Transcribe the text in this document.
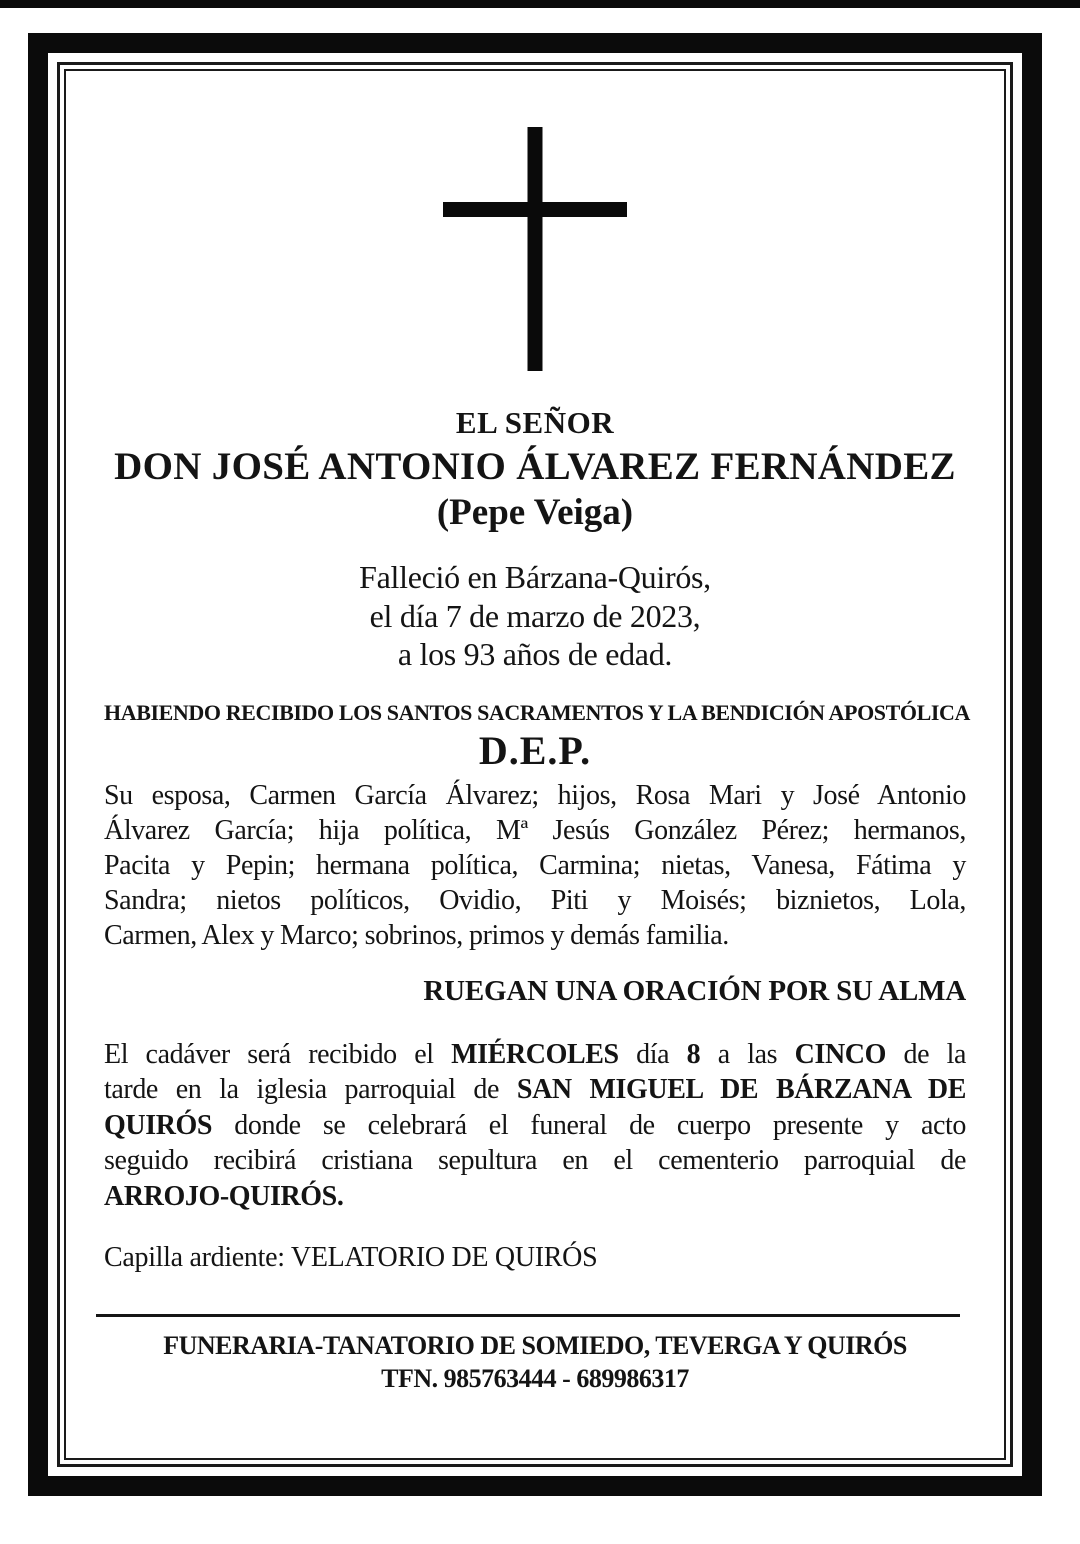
EL SEÑOR
DON JOSÉ ANTONIO ÁLVAREZ FERNÁNDEZ
(Pepe Veiga)
Falleció en Bárzana-Quirós,
el día 7 de marzo de 2023,
a los 93 años de edad.
HABIENDO RECIBIDO LOS SANTOS SACRAMENTOS Y LA BENDICIÓN APOSTÓLICA
D.E.P.
Su esposa, Carmen García Álvarez; hijos, Rosa Mari y José Antonio
Álvarez García; hija política, Mª Jesús González Pérez; hermanos,
Pacita y Pepin; hermana política, Carmina; nietas, Vanesa, Fátima y
Sandra; nietos políticos, Ovidio, Piti y Moisés; biznietos, Lola,
Carmen, Alex y Marco; sobrinos, primos y demás familia.
RUEGAN UNA ORACIÓN POR SU ALMA
El cadáver será recibido el MIÉRCOLES día 8 a las CINCO de la
tarde en la iglesia parroquial de SAN MIGUEL DE BÁRZANA DE
QUIRÓS donde se celebrará el funeral de cuerpo presente y acto
seguido recibirá cristiana sepultura en el cementerio parroquial de
ARROJO-QUIRÓS.
Capilla ardiente: VELATORIO DE QUIRÓS
FUNERARIA-TANATORIO DE SOMIEDO, TEVERGA Y QUIRÓS
TFN. 985763444 - 689986317
